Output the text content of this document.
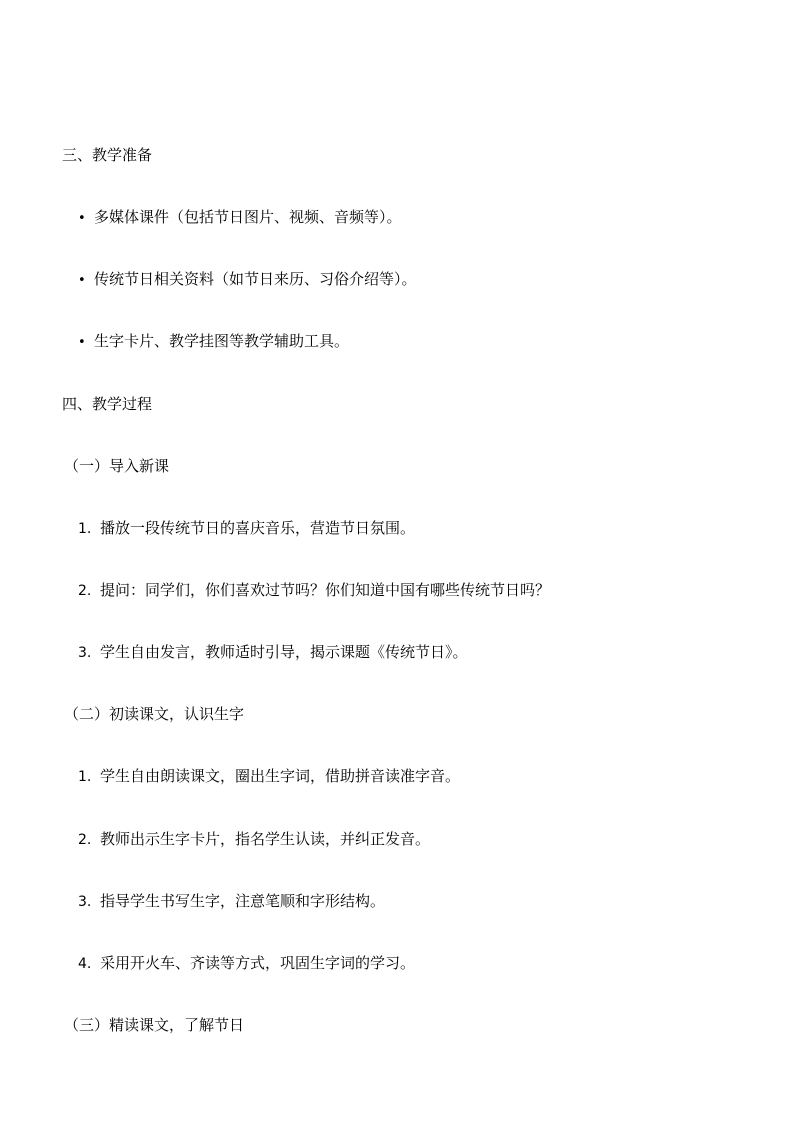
三、教学准备
• 多媒体课件（包括节日图片、视频、音频等）。
• 传统节日相关资料（如节日来历、习俗介绍等）。
• 生字卡片、教学挂图等教学辅助工具。
四、教学过程
（一）导入新课
1. 播放一段传统节日的喜庆音乐，营造节日氛围。
2. 提问：同学们，你们喜欢过节吗？你们知道中国有哪些传统节日吗？
3. 学生自由发言，教师适时引导，揭示课题《传统节日》。
（二）初读课文，认识生字
1. 学生自由朗读课文，圈出生字词，借助拼音读准字音。
2. 教师出示生字卡片，指名学生认读，并纠正发音。
3. 指导学生书写生字，注意笔顺和字形结构。
4. 采用开火车、齐读等方式，巩固生字词的学习。
（三）精读课文，了解节日
